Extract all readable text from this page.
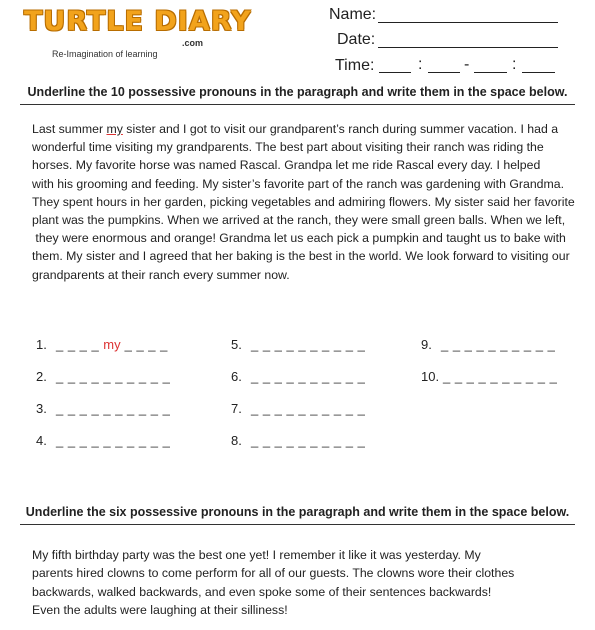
TURTLE DIARY
.com
Re-Imagination of learning
Name:
Date:
Time:	:	-	:
Underline the 10 possessive pronouns in the paragraph and write them in the space below.
Last summer my sister and I got to visit our grandparent’s ranch during summer vacation. I had a
wonderful time visiting my grandparents. The best part about visiting their ranch was riding the
horses. My favorite horse was named Rascal. Grandpa let me ride Rascal every day. I helped
with his grooming and feeding. My sister’s favorite part of the ranch was gardening with Grandma.
They spent hours in her garden, picking vegetables and admiring flowers. My sister said her favorite
plant was the pumpkins. When we arrived at the ranch, they were small green balls. When we left,
they were enormous and orange! Grandma let us each pick a pumpkin and taught us to bake with
them. My sister and I agreed that her baking is the best in the world. We look forward to visiting our
grandparents at their ranch every summer now.
1. _ _ _ _ my _ _ _ _
2. _ _ _ _ _ _ _ _ _ _
3. _ _ _ _ _ _ _ _ _ _
4. _ _ _ _ _ _ _ _ _ _
5. _ _ _ _ _ _ _ _ _ _
6. _ _ _ _ _ _ _ _ _ _
7. _ _ _ _ _ _ _ _ _ _
8. _ _ _ _ _ _ _ _ _ _
9. _ _ _ _ _ _ _ _ _ _
10. _ _ _ _ _ _ _ _ _ _
Underline the six possessive pronouns in the paragraph and write them in the space below.
My fifth birthday party was the best one yet! I remember it like it was yesterday. My
parents hired clowns to come perform for all of our guests. The clowns wore their clothes
backwards, walked backwards, and even spoke some of their sentences backwards!
Even the adults were laughing at their silliness!
